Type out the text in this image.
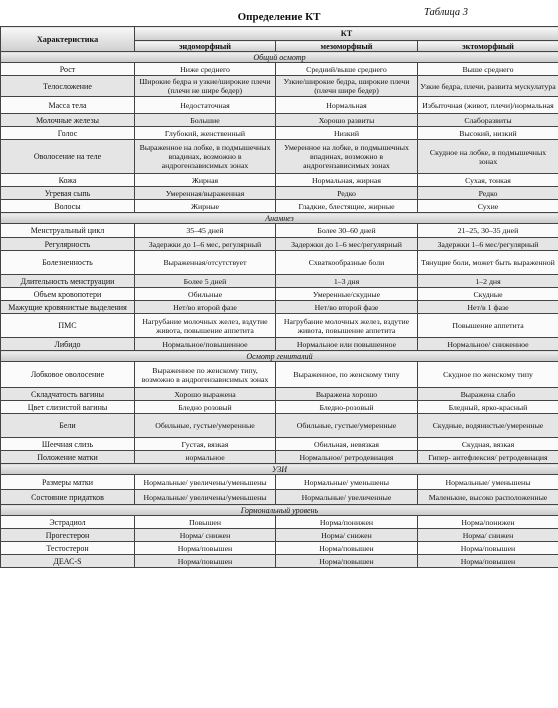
Определение КТ	Таблица 3
Характеристика	КТ		
	эндоморфный	мезоморфный	эктоморфный
Общий осмотр			
Рост	Ниже среднего	Средний/выше среднего	Выше среднего
Телосложение	Широкие бедра и узкие/широкие плечи (плечи не шире бедер)	Узкие/широкие бедра, широкие плечи (плечи шире бедер)	Узкие бедра, плечи, развита мускулатура
Масса тела	Недостаточная	Нормальная	Избыточная (живот, плечи)/нормальная
Молочные железы	Большие	Хорошо развиты	Слаборазвиты
Голос	Глубокий, женственный	Низкий	Высокий, низкий
Оволосение на теле	Выраженное на лобке, в подмышечных впадинах, возможно в андрогензависимых зонах	Умеренное на лобке, в подмышечных впадинах, возможно в андрогензависимых зонах	Скудное на лобке, в подмышечных зонах
Кожа	Жирная	Нормальная, жирная	Сухая, тонкая
Угревая сыпь	Умеренная/выраженная	Редко	Редко
Волосы	Жирные	Гладкие, блестящие, жирные	Сухие
Анамнез			
Менструальный цикл	35–45 дней	Более 30–60 дней	21–25, 30–35 дней
Регулярность	Задержки до 1–6 мес, регулярный	Задержки до 1–6 мес/регулярный	Задержки 1–6 мес/регулярный
Болезненность	Выраженная/отсутствует	Схваткообразные боли	Тянущие боли, может быть выраженной
Длительность менструации	Более 5 дней	1–3 дня	1–2 дня
Объем кровопотери	Обильные	Умеренные/скудные	Скудные
Мажущие кровянистые выделения	Нет/во второй фазе	Нет/во второй фазе	Нет/в 1 фазе
ПМС	Нагрубание молочных желез, вздутие живота, повышение аппетита	Нагрубание молочных желез, вздутие живота, повышение аппетита	Повышение аппетита
Либидо	Нормальное/повышенное	Нормальное или повышенное	Нормальное/ сниженное
Осмотр гениталий			
Лобковое оволосение	Выраженное по женскому типу, возможно в андрогензависимых зонах	Выраженное, по женскому типу	Скудное по женскому типу
Складчатость вагины	Хорошо выражена	Выражена хорошо	Выражена слабо
Цвет слизистой вагины	Бледно розовый	Бледно-розовый	Бледный, ярко-красный
Бели	Обильные, густые/умеренные	Обильные, густые/умеренные	Скудные, водянистые/умеренные
Шеечная слизь	Густая, вязкая	Обильная, невязкая	Скудная, вязкая
Положение матки	нормальное	Нормальное/ ретродевиация	Гипер- антефлексия/ ретродевиация
УЗИ			
Размеры матки	Нормальные/ увеличены/уменьшены	Нормальные/ уменьшены	Нормальные/ уменьшены
Состояние придатков	Нормальные/ увеличены/уменьшены	Нормальные/ увеличенные	Маленькие, высоко расположенные
Гормональный уровень			
Эстрадиол	Повышен	Норма/понижен	Норма/понижен
Прогестерон	Норма/ снижен	Норма/ снижен	Норма/ снижен
Тестостерон	Норма/повышен	Норма/повышен	Норма/повышен
ДЕАС-S	Норма/повышен	Норма/повышен	Норма/повышен
